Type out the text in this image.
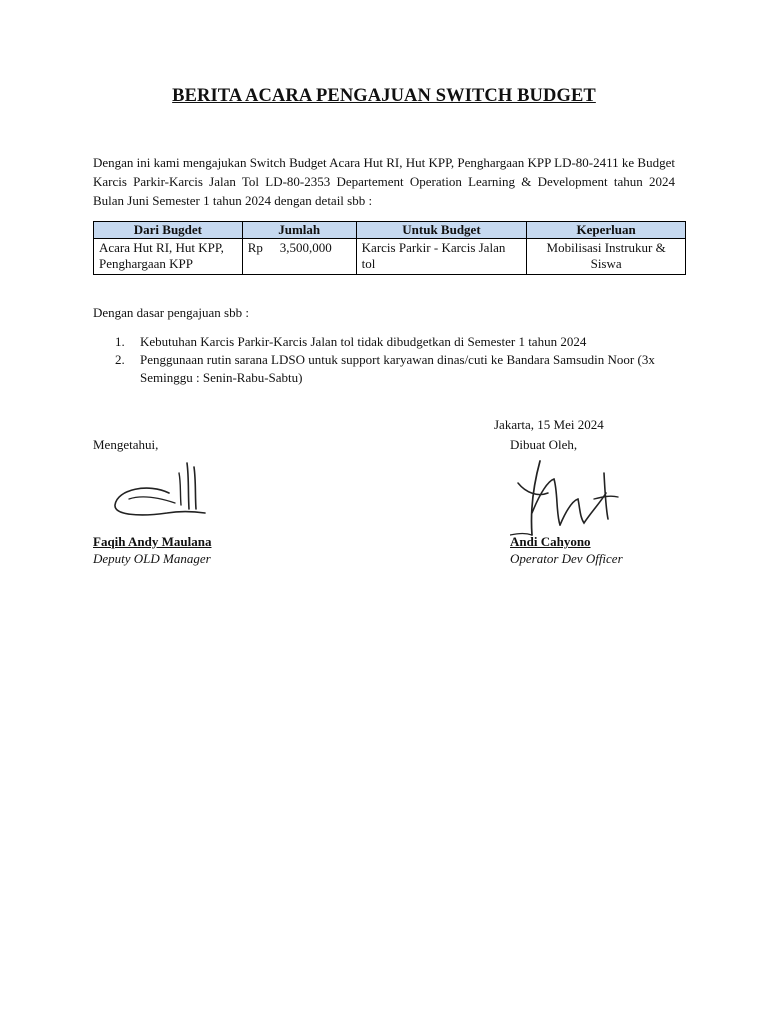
BERITA ACARA PENGAJUAN SWITCH BUDGET
Dengan ini kami mengajukan Switch Budget Acara Hut RI, Hut KPP, Penghargaan KPP LD-80-2411 ke Budget Karcis Parkir-Karcis Jalan Tol LD-80-2353 Departement Operation Learning & Development tahun 2024 Bulan Juni Semester 1 tahun 2024 dengan detail sbb :
Dari Bugdet	Jumlah	Untuk Budget	Keperluan
Acara Hut RI, Hut KPP, Penghargaan KPP	Rp 3,500,000	Karcis Parkir - Karcis Jalan tol	Mobilisasi Instrukur & Siswa
Dengan dasar pengajuan sbb :
1. Kebutuhan Karcis Parkir-Karcis Jalan tol tidak dibudgetkan di Semester 1 tahun 2024
2. Penggunaan rutin sarana LDSO untuk support karyawan dinas/cuti ke Bandara Samsudin Noor (3x Seminggu : Senin-Rabu-Sabtu)
Jakarta, 15 Mei 2024
Mengetahui,
Faqih Andy Maulana
Deputy OLD Manager
Dibuat Oleh,
Andi Cahyono
Operator Dev Officer
